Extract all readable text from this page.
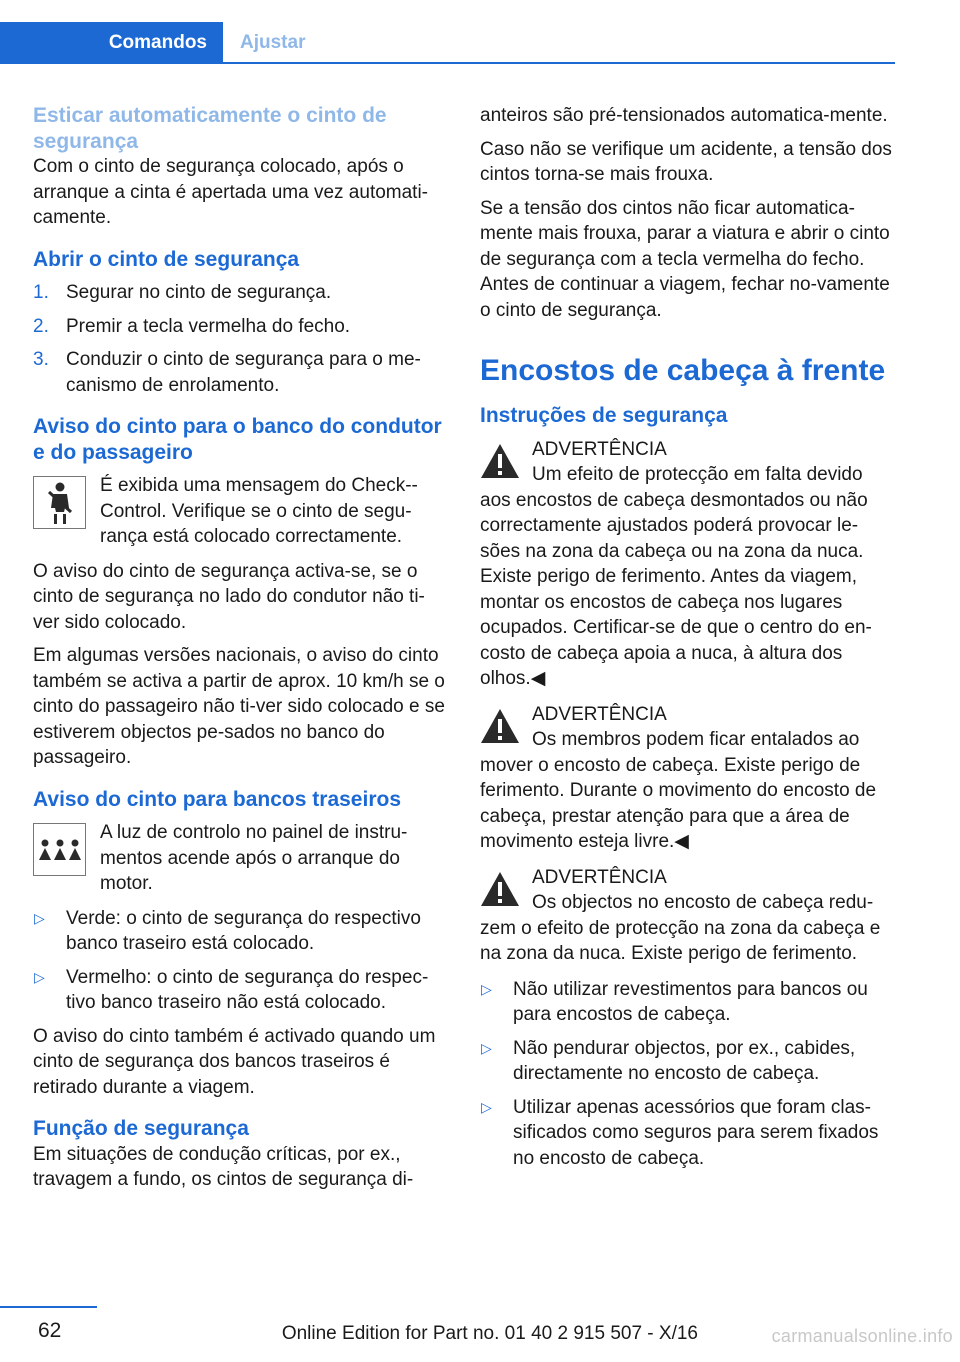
Comandos	Ajustar
Esticar automaticamente o cinto de segurança

Com o cinto de segurança colocado, após o arranque a cinta é apertada uma vez automati-camente.

Abrir o cinto de segurança
1. Segurar no cinto de segurança.
2. Premir a tecla vermelha do fecho.
3. Conduzir o cinto de segurança para o me-canismo de enrolamento.
Aviso do cinto para o banco do condutor e do passageiro
É exibida uma mensagem do Check--Control. Verifique se o cinto de segu-rança está colocado correctamente.

O aviso do cinto de segurança activa-se, se o cinto de segurança no lado do condutor não ti-ver sido colocado.

Em algumas versões nacionais, o aviso do cinto também se activa a partir de aprox. 10 km/h se o cinto do passageiro não ti-ver sido colocado e se estiverem objectos pe-sados no banco do passageiro.

Aviso do cinto para bancos traseiros
A luz de controlo no painel de instru-mentos acende após o arranque do motor.
▷ Verde: o cinto de segurança do respectivo banco traseiro está colocado.
▷ Vermelho: o cinto de segurança do respec-tivo banco traseiro não está colocado.

O aviso do cinto também é activado quando um cinto de segurança dos bancos traseiros é retirado durante a viagem.

Função de segurança

Em situações de condução críticas, por ex., travagem a fundo, os cintos de segurança di-

anteiros são pré-tensionados automatica-mente.

Caso não se verifique um acidente, a tensão dos cintos torna-se mais frouxa.

Se a tensão dos cintos não ficar automatica-mente mais frouxa, parar a viatura e abrir o cinto de segurança com a tecla vermelha do fecho. Antes de continuar a viagem, fechar no-vamente o cinto de segurança.

Encostos de cabeça à frente
Instruções de segurança

ADVERTÊNCIA

Um efeito de protecção em falta devido aos encostos de cabeça desmontados ou não correctamente ajustados poderá provocar le-sões na zona da cabeça ou na zona da nuca. Existe perigo de ferimento. Antes da viagem, montar os encostos de cabeça nos lugares ocupados. Certificar-se de que o centro do en-costo de cabeça apoia a nuca, à altura dos olhos.◀

ADVERTÊNCIA

Os membros podem ficar entalados ao mover o encosto de cabeça. Existe perigo de ferimento. Durante o movimento do encosto de cabeça, prestar atenção para que a área de movimento esteja livre.◀

ADVERTÊNCIA

Os objectos no encosto de cabeça redu-zem o efeito de protecção na zona da cabeça e na zona da nuca. Existe perigo de ferimento.

▷ Não utilizar revestimentos para bancos ou para encostos de cabeça.
▷ Não pendurar objectos, por ex., cabides, directamente no encosto de cabeça.
▷ Utilizar apenas acessórios que foram clas-sificados como seguros para serem fixados no encosto de cabeça.
62	Online Edition for Part no. 01 40 2 915 507 - X/16	carmanualsonline.info
